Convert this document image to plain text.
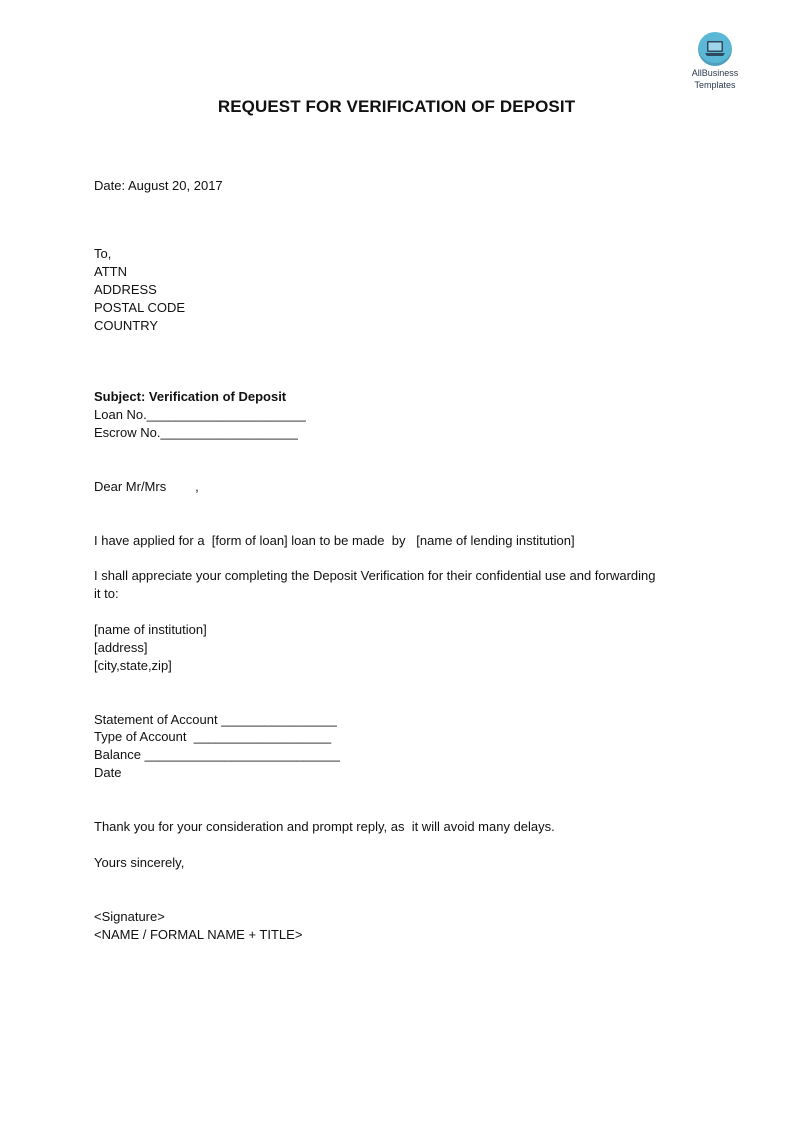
AllBusiness
Templates
REQUEST FOR VERIFICATION OF DEPOSIT
Date: August 20, 2017
To,
ATTN
ADDRESS
POSTAL CODE
COUNTRY
Subject: Verification of Deposit
Loan No.______________________
Escrow No.___________________
Dear Mr/Mrs        ,
I have applied for a  [form of loan] loan to be made  by   [name of lending institution]
I shall appreciate your completing the Deposit Verification for their confidential use and forwarding
it to:
[name of institution]
[address]
[city,state,zip]
Statement of Account ________________
Type of Account  ___________________
Balance ___________________________
Date
Thank you for your consideration and prompt reply, as  it will avoid many delays.
Yours sincerely,
<Signature>
<NAME / FORMAL NAME + TITLE>
